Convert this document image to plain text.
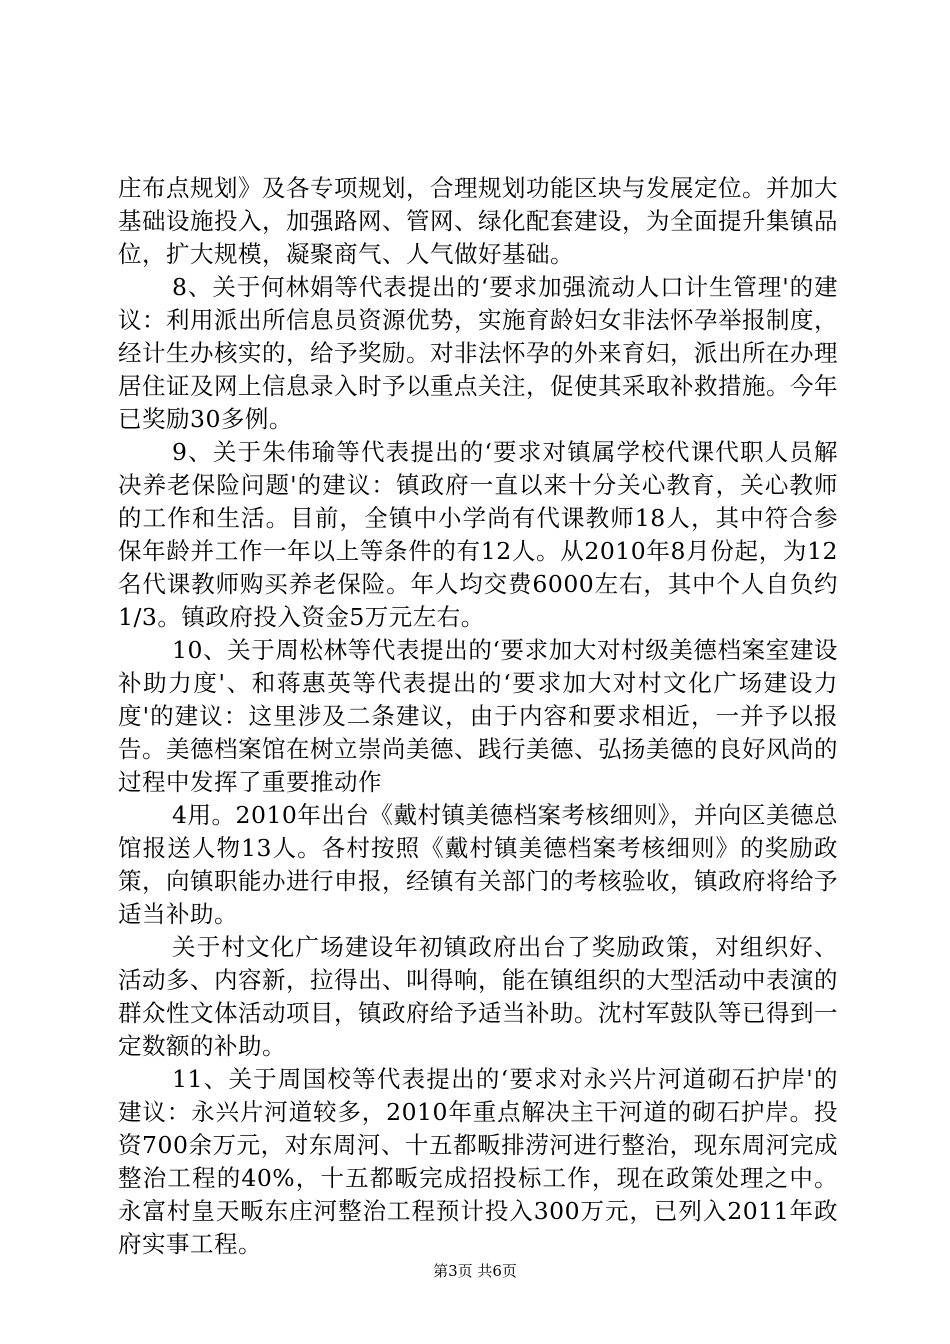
庄布点规划》及各专项规划，合理规划功能区块与发展定位。并加大基础设施投入，加强路网、管网、绿化配套建设，为全面提升集镇品位，扩大规模，凝聚商气、人气做好基础。

8、关于何林娟等代表提出的‘要求加强流动人口计生管理'的建议：利用派出所信息员资源优势，实施育龄妇女非法怀孕举报制度，经计生办核实的，给予奖励。对非法怀孕的外来育妇，派出所在办理居住证及网上信息录入时予以重点关注，促使其采取补救措施。今年已奖励30多例。

9、关于朱伟瑜等代表提出的‘要求对镇属学校代课代职人员解决养老保险问题'的建议：镇政府一直以来十分关心教育，关心教师的工作和生活。目前，全镇中小学尚有代课教师18人，其中符合参保年龄并工作一年以上等条件的有12人。从2010年8月份起，为12名代课教师购买养老保险。年人均交费6000左右，其中个人自负约1/3。镇政府投入资金5万元左右。

10、关于周松林等代表提出的‘要求加大对村级美德档案室建设补助力度'、和蒋惠英等代表提出的‘要求加大对村文化广场建设力度'的建议：这里涉及二条建议，由于内容和要求相近，一并予以报告。美德档案馆在树立崇尚美德、践行美德、弘扬美德的良好风尚的过程中发挥了重要推动作

4用。2010年出台《戴村镇美德档案考核细则》，并向区美德总馆报送人物13人。各村按照《戴村镇美德档案考核细则》的奖励政策，向镇职能办进行申报，经镇有关部门的考核验收，镇政府将给予适当补助。

关于村文化广场建设年初镇政府出台了奖励政策，对组织好、活动多、内容新，拉得出、叫得响，能在镇组织的大型活动中表演的群众性文体活动项目，镇政府给予适当补助。沈村军鼓队等已得到一定数额的补助。

11、关于周国校等代表提出的‘要求对永兴片河道砌石护岸'的建议：永兴片河道较多，2010年重点解决主干河道的砌石护岸。投资700余万元，对东周河、十五都畈排涝河进行整治，现东周河完成整治工程的40%，十五都畈完成招投标工作，现在政策处理之中。永富村皇天畈东庄河整治工程预计投入300万元，已列入2011年政府实事工程。

第3页 共6页
